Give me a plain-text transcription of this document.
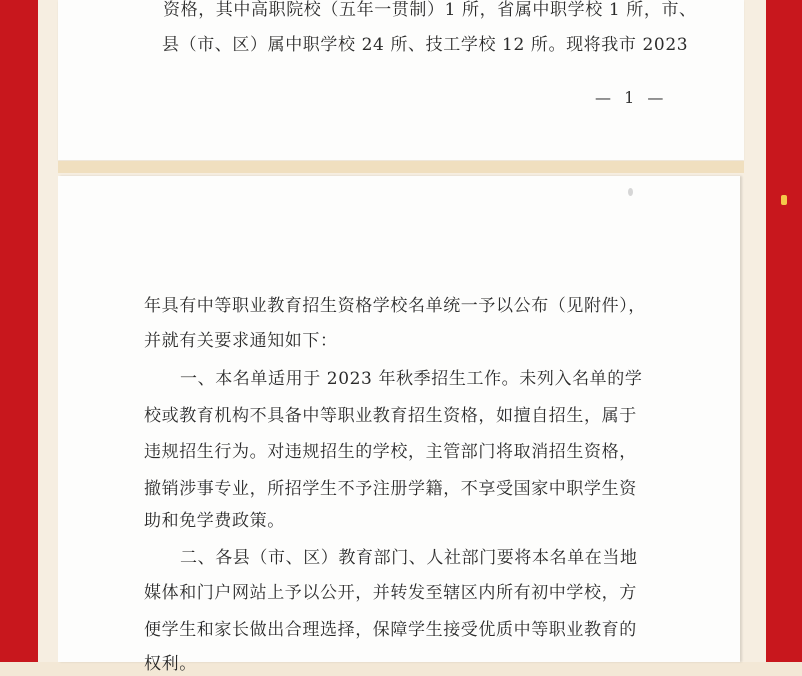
资格，其中高职院校（五年一贯制）1 所，省属中职学校 1 所，市、
县（市、区）属中职学校 24 所、技工学校 12 所。现将我市 2023
— 1 —
年具有中等职业教育招生资格学校名单统一予以公布（见附件），
并就有关要求通知如下：
一、本名单适用于 2023 年秋季招生工作。未列入名单的学
校或教育机构不具备中等职业教育招生资格，如擅自招生，属于
违规招生行为。对违规招生的学校，主管部门将取消招生资格，
撤销涉事专业，所招学生不予注册学籍，不享受国家中职学生资
助和免学费政策。
二、各县（市、区）教育部门、人社部门要将本名单在当地
媒体和门户网站上予以公开，并转发至辖区内所有初中学校，方
便学生和家长做出合理选择，保障学生接受优质中等职业教育的
权利。
